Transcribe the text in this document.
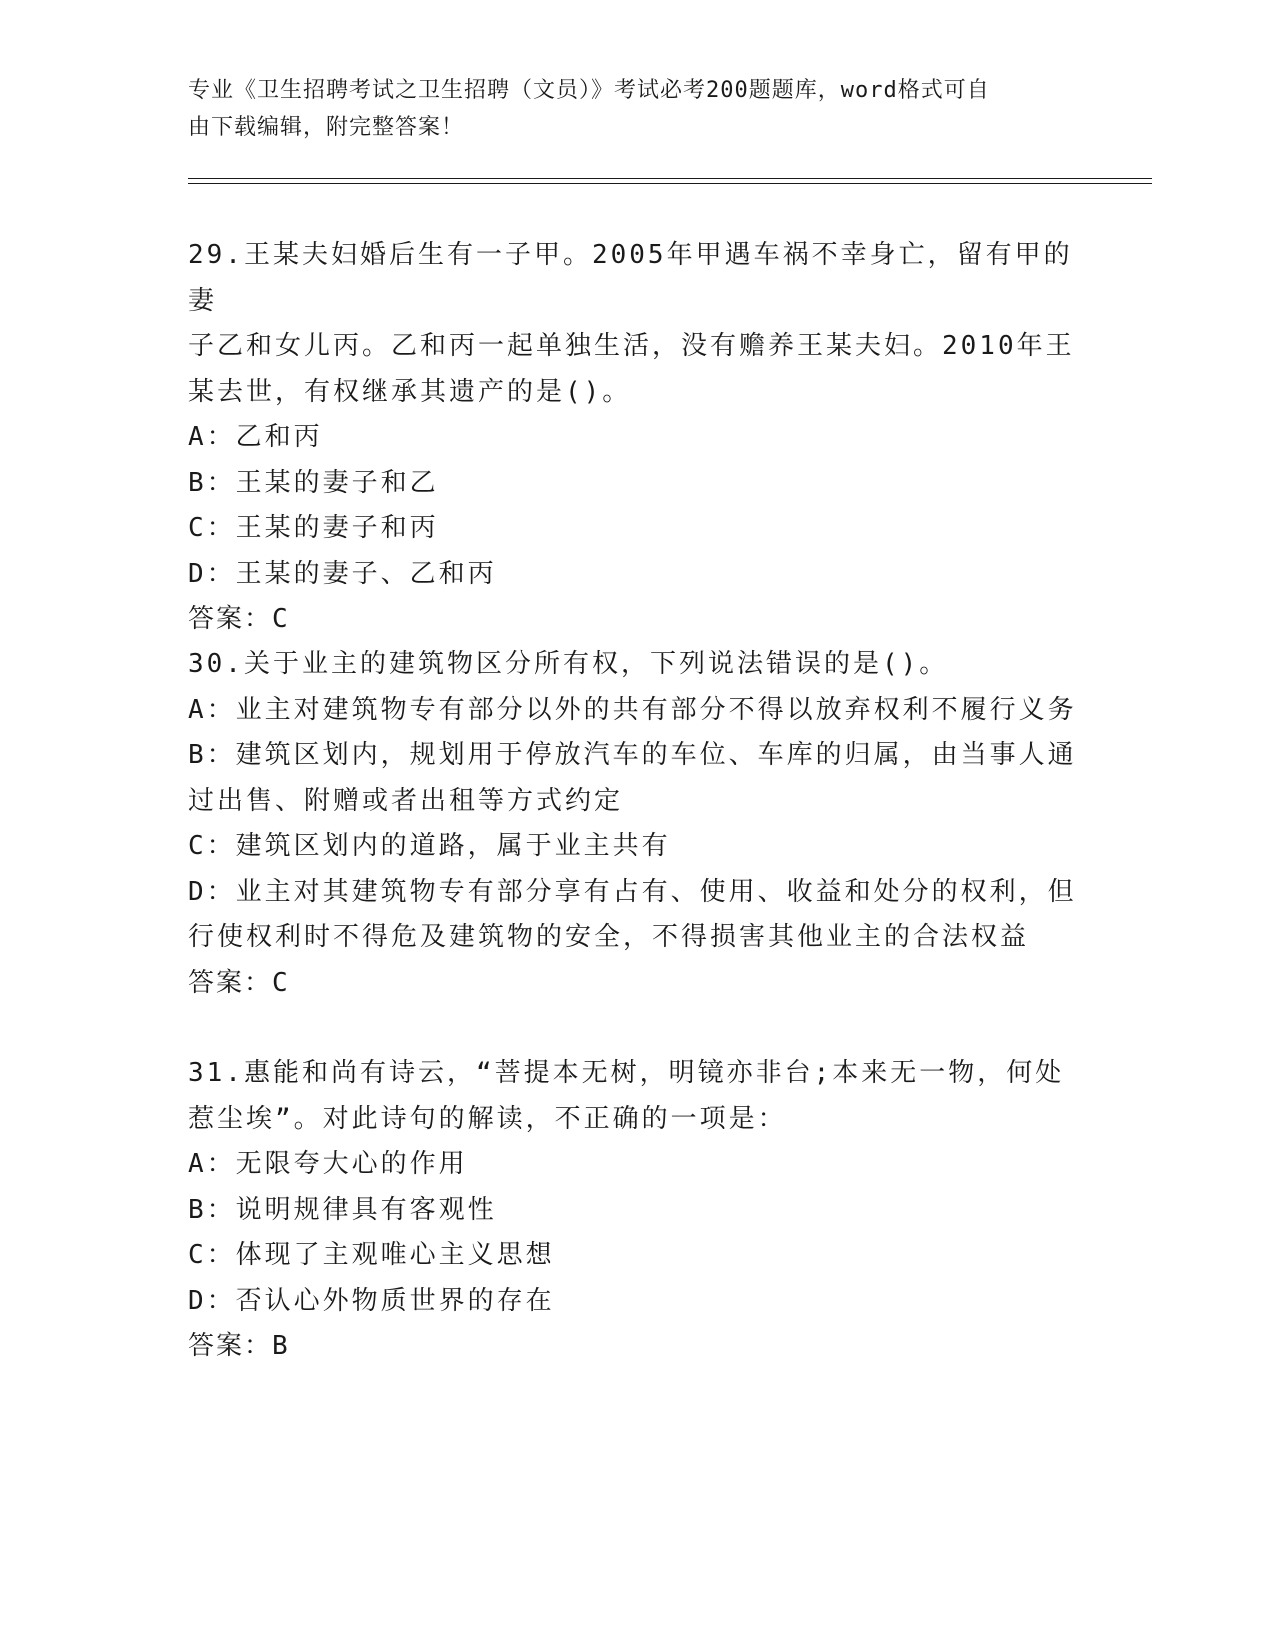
专业《卫生招聘考试之卫生招聘（文员）》考试必考200题题库，word格式可自
由下载编辑，附完整答案！

29.王某夫妇婚后生有一子甲。2005年甲遇车祸不幸身亡，留有甲的妻

子乙和女儿丙。乙和丙一起单独生活，没有赡养王某夫妇。2010年王

某去世，有权继承其遗产的是()。

A：乙和丙

B：王某的妻子和乙

C：王某的妻子和丙

D：王某的妻子、乙和丙

答案：C

30.关于业主的建筑物区分所有权，下列说法错误的是()。

A：业主对建筑物专有部分以外的共有部分不得以放弃权利不履行义务

B：建筑区划内，规划用于停放汽车的车位、车库的归属，由当事人通

过出售、附赠或者出租等方式约定

C：建筑区划内的道路，属于业主共有

D：业主对其建筑物专有部分享有占有、使用、收益和处分的权利，但

行使权利时不得危及建筑物的安全，不得损害其他业主的合法权益

答案：C

31.惠能和尚有诗云，“菩提本无树，明镜亦非台;本来无一物，何处

惹尘埃”。对此诗句的解读，不正确的一项是：

A：无限夸大心的作用

B：说明规律具有客观性

C：体现了主观唯心主义思想

D：否认心外物质世界的存在

答案：B
